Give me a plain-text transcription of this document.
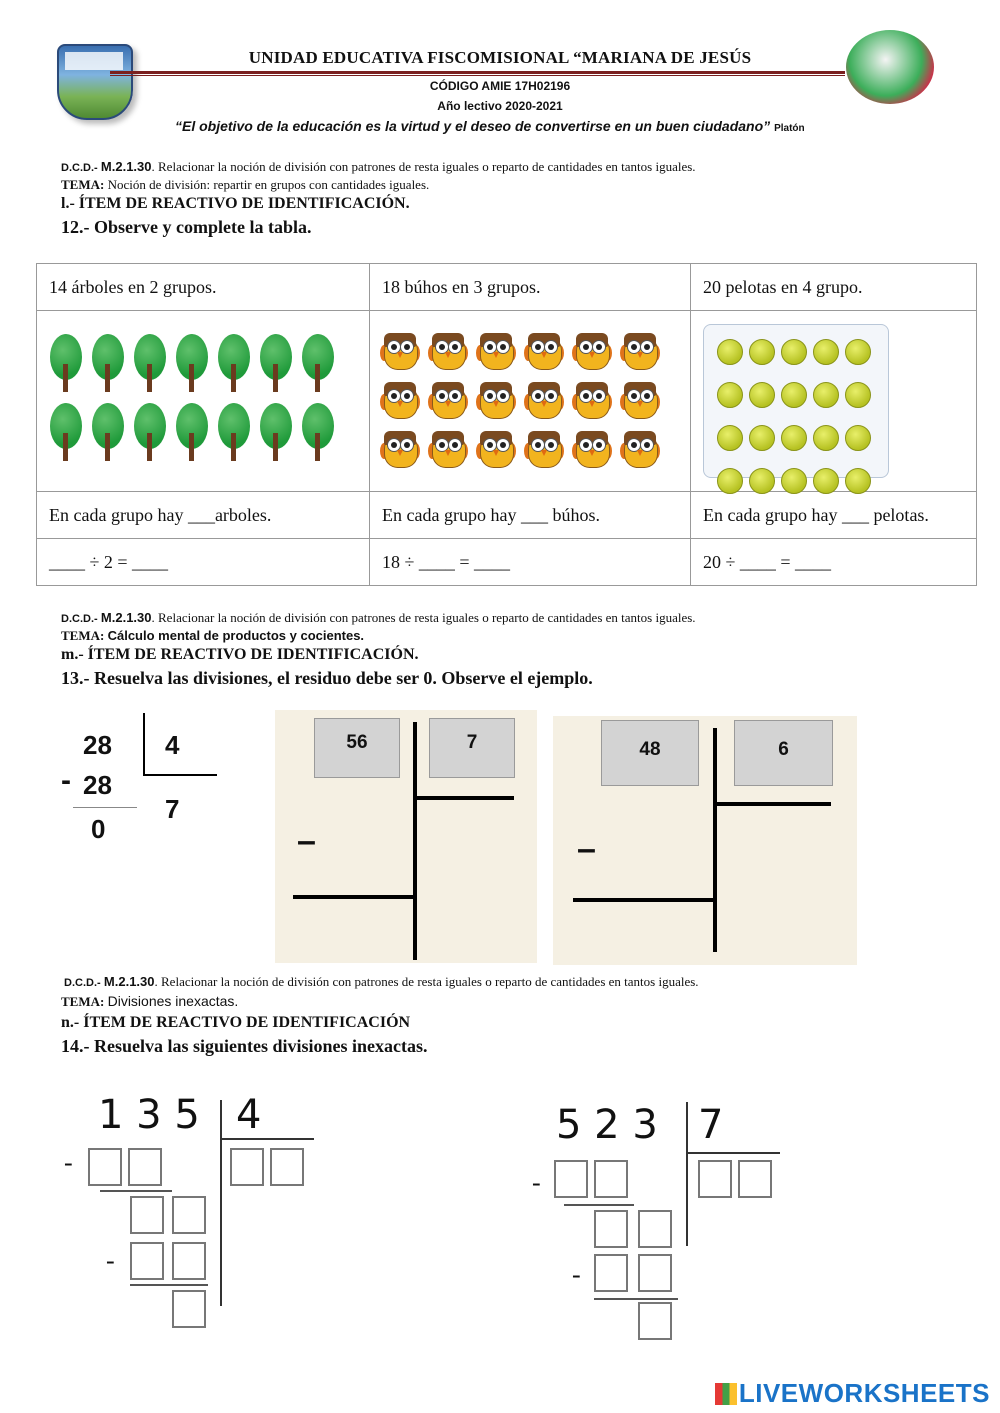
UNIDAD EDUCATIVA FISCOMISIONAL “MARIANA DE JESÚS
CÓDIGO AMIE 17H02196
Año lectivo 2020-2021
“El objetivo de la educación es la virtud y el deseo de convertirse en un buen ciudadano” Platón
D.C.D.- M.2.1.30. Relacionar la noción de división con patrones de resta iguales o reparto de cantidades en tantos iguales.
TEMA: Noción de división: repartir en grupos con cantidades iguales.
l.- ÍTEM DE REACTIVO DE IDENTIFICACIÓN.
12.- Observe y complete la tabla.
14 árboles en 2 grupos.	18 búhos en 3 grupos.	20 pelotas en 4 grupo.

En cada grupo hay ___arboles.	En cada grupo hay ___ búhos.	En cada grupo hay ___ pelotas.
____ ÷ 2 = ____	18 ÷ ____ = ____	20 ÷ ____ = ____
D.C.D.- M.2.1.30. Relacionar la noción de división con patrones de resta iguales o reparto de cantidades en tantos iguales.
TEMA: Cálculo mental de productos y cocientes.
m.- ÍTEM DE REACTIVO DE IDENTIFICACIÓN.
13.- Resuelva las divisiones, el residuo debe ser 0. Observe el ejemplo.
28 4
- 28
0
7
56	7
–
48	6
–
D.C.D.- M.2.1.30. Relacionar la noción de división con patrones de resta iguales o reparto de cantidades en tantos iguales.
TEMA: Divisiones inexactas.
n.- ÍTEM DE REACTIVO DE IDENTIFICACIÓN
14.- Resuelva las siguientes divisiones inexactas.
1 3 5 4
-
-
5 2 3 7
-
-
LIVEWORKSHEETS
